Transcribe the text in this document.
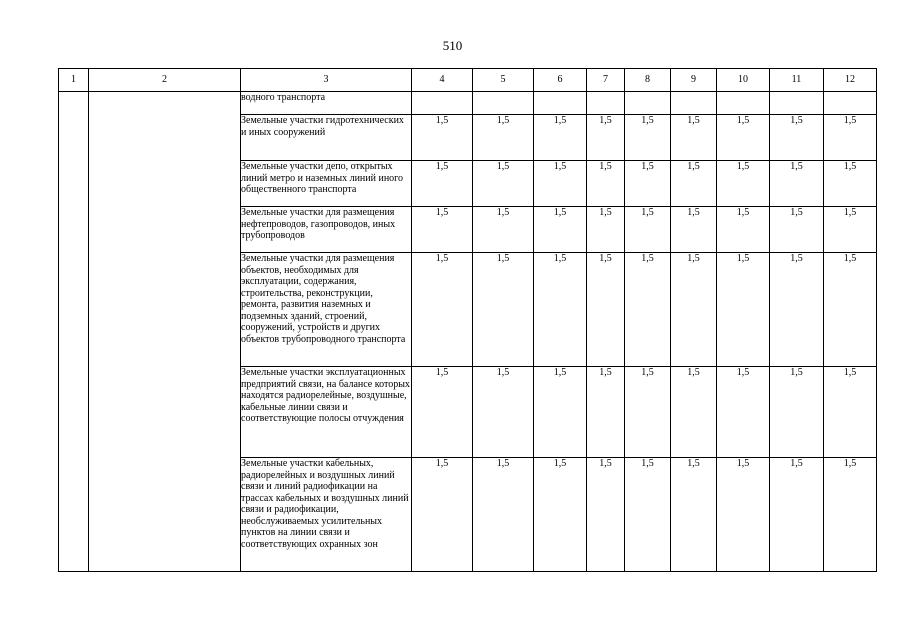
510
1	2	3	4	5	6	7	8	9	10	11	12
		водного транспорта									
		Земельные участки гидротехнических и иных сооружений	1,5	1,5	1,5	1,5	1,5	1,5	1,5	1,5	1,5
		Земельные участки депо, открытых линий метро и наземных линий иного общественного транспорта	1,5	1,5	1,5	1,5	1,5	1,5	1,5	1,5	1,5
		Земельные участки для размещения нефтепроводов, газопроводов, иных трубопроводов	1,5	1,5	1,5	1,5	1,5	1,5	1,5	1,5	1,5
		Земельные участки для размещения объектов, необходимых для эксплуатации, содержания, строительства, реконструкции, ремонта, развития наземных и подземных зданий, строений, сооружений, устройств и других объектов трубопроводного транспорта	1,5	1,5	1,5	1,5	1,5	1,5	1,5	1,5	1,5
		Земельные участки эксплуатационных предприятий связи, на балансе которых находятся радиорелейные, воздушные, кабельные линии связи и соответствующие полосы отчуждения	1,5	1,5	1,5	1,5	1,5	1,5	1,5	1,5	1,5
		Земельные участки кабельных, радиорелейных и воздушных линий связи и линий радиофикации на трассах кабельных и воздушных линий связи и радиофикации, необслуживаемых усилительных пунктов на линии связи и соответствующих охранных зон	1,5	1,5	1,5	1,5	1,5	1,5	1,5	1,5	1,5
